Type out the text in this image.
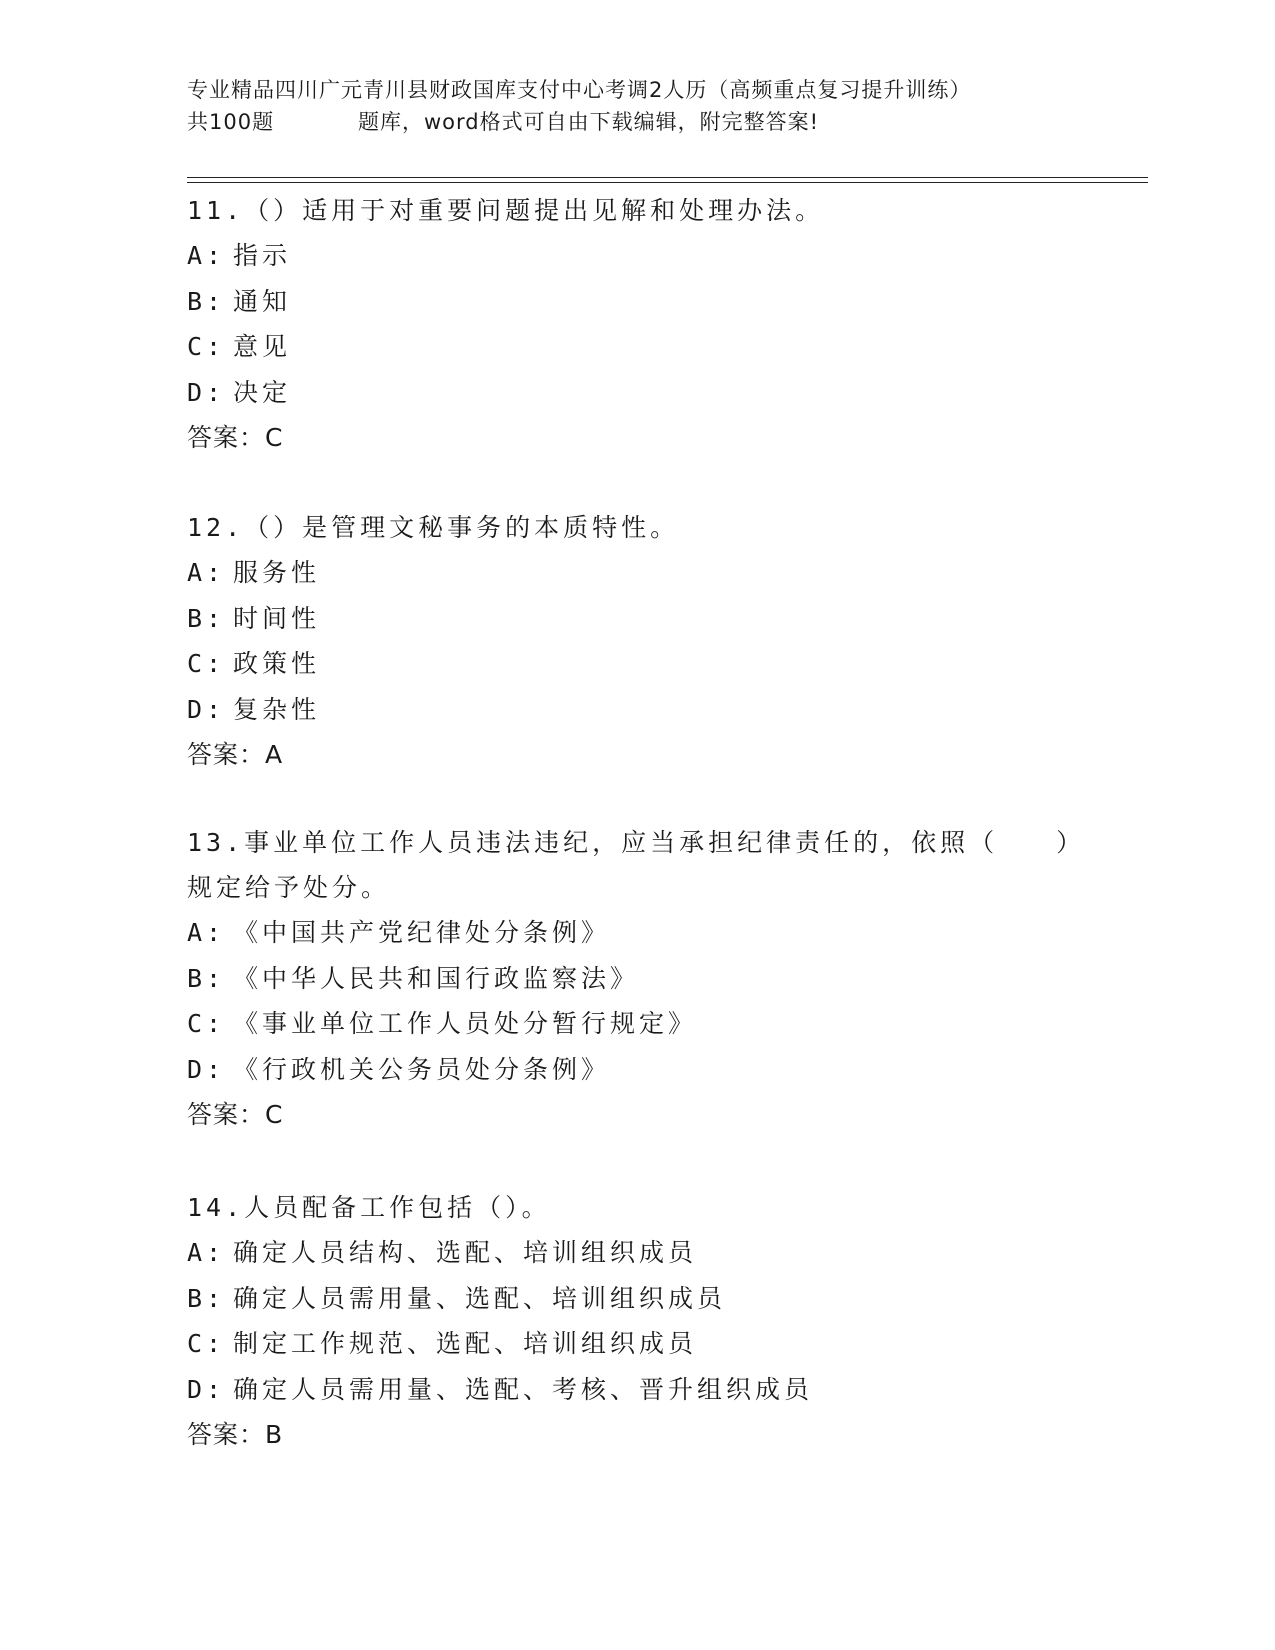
专业精品四川广元青川县财政国库支付中心考调2人历（高频重点复习提升训练）
共100题	题库，word格式可自由下载编辑，附完整答案!
11.（）适用于对重要问题提出见解和处理办法。
A: 指示
B: 通知
C: 意见
D: 决定
答案：C
12.（）是管理文秘事务的本质特性。
A: 服务性
B: 时间性
C: 政策性
D: 复杂性
答案：A
13.事业单位工作人员违法违纪，应当承担纪律责任的，依照（　　）
规定给予处分。
A: 《中国共产党纪律处分条例》
B: 《中华人民共和国行政监察法》
C: 《事业单位工作人员处分暂行规定》
D: 《行政机关公务员处分条例》
答案：C
14.人员配备工作包括（）。
A: 确定人员结构、选配、培训组织成员
B: 确定人员需用量、选配、培训组织成员
C: 制定工作规范、选配、培训组织成员
D: 确定人员需用量、选配、考核、晋升组织成员
答案：B
